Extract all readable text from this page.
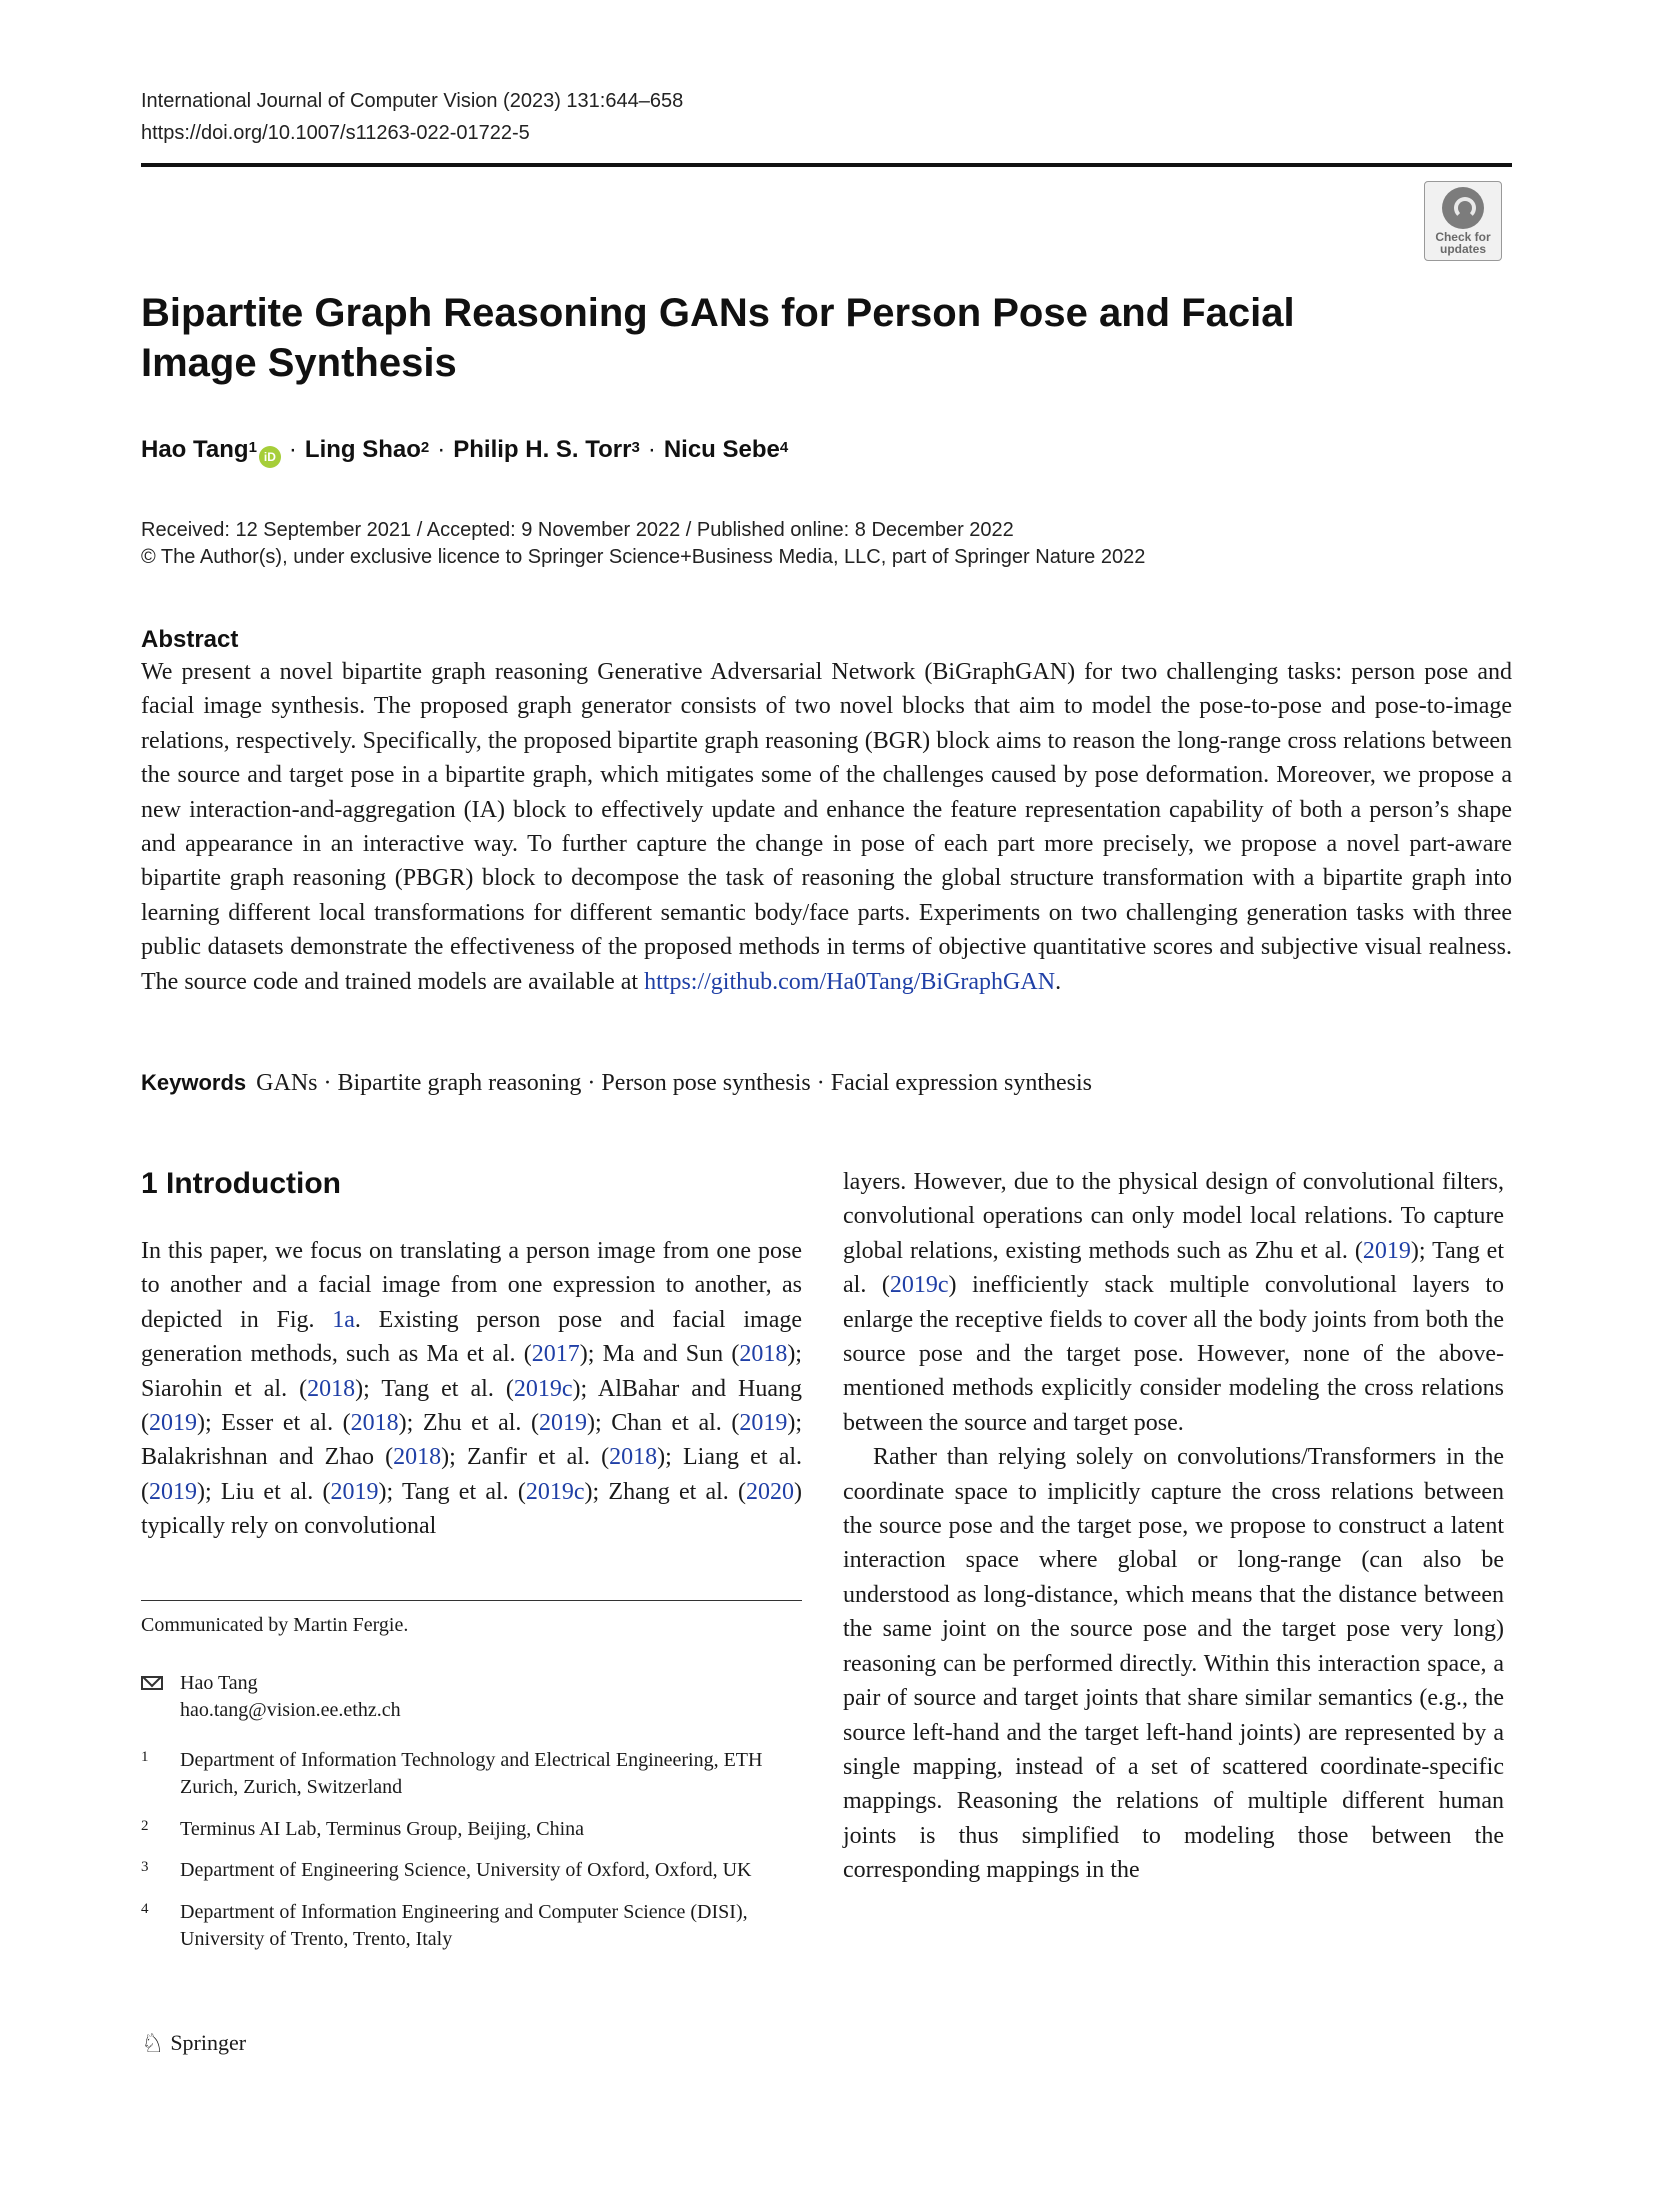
International Journal of Computer Vision (2023) 131:644–658
https://doi.org/10.1007/s11263-022-01722-5
Check for
updates
Bipartite Graph Reasoning GANs for Person Pose and Facial Image Synthesis
Hao Tang$^1$iD · Ling Shao$^2$ · Philip H. S. Torr$^3$ · Nicu Sebe$^4$
Received: 12 September 2021 / Accepted: 9 November 2022 / Published online: 8 December 2022
© The Author(s), under exclusive licence to Springer Science+Business Media, LLC, part of Springer Nature 2022
Abstract
We present a novel bipartite graph reasoning Generative Adversarial Network (BiGraphGAN) for two challenging tasks: person pose and facial image synthesis. The proposed graph generator consists of two novel blocks that aim to model the pose-to-pose and pose-to-image relations, respectively. Specifically, the proposed bipartite graph reasoning (BGR) block aims to reason the long-range cross relations between the source and target pose in a bipartite graph, which mitigates some of the challenges caused by pose deformation. Moreover, we propose a new interaction-and-aggregation (IA) block to effectively update and enhance the feature representation capability of both a person’s shape and appearance in an interactive way. To further capture the change in pose of each part more precisely, we propose a novel part-aware bipartite graph reasoning (PBGR) block to decompose the task of reasoning the global structure transformation with a bipartite graph into learning different local transformations for different semantic body/face parts. Experiments on two challenging generation tasks with three public datasets demonstrate the effectiveness of the proposed methods in terms of objective quantitative scores and subjective visual realness. The source code and trained models are available at https://github.com/Ha0Tang/BiGraphGAN.
Keywords GANs · Bipartite graph reasoning · Person pose synthesis · Facial expression synthesis
1 Introduction

In this paper, we focus on translating a person image from one pose to another and a facial image from one expression to another, as depicted in Fig. 1a. Existing person pose and facial image generation methods, such as Ma et al. (2017); Ma and Sun (2018); Siarohin et al. (2018); Tang et al. (2019c); AlBahar and Huang (2019); Esser et al. (2018); Zhu et al. (2019); Chan et al. (2019); Balakrishnan and Zhao (2018); Zanfir et al. (2018); Liang et al. (2019); Liu et al. (2019); Tang et al. (2019c); Zhang et al. (2020) typically rely on convolutional

layers. However, due to the physical design of convolutional filters, convolutional operations can only model local relations. To capture global relations, existing methods such as Zhu et al. (2019); Tang et al. (2019c) inefficiently stack multiple convolutional layers to enlarge the receptive fields to cover all the body joints from both the source pose and the target pose. However, none of the above-mentioned methods explicitly consider modeling the cross relations between the source and target pose.

Rather than relying solely on convolutions/Transformers in the coordinate space to implicitly capture the cross relations between the source pose and the target pose, we propose to construct a latent interaction space where global or long-range (can also be understood as long-distance, which means that the distance between the same joint on the source pose and the target pose very long) reasoning can be performed directly. Within this interaction space, a pair of source and target joints that share similar semantics (e.g., the source left-hand and the target left-hand joints) are represented by a single mapping, instead of a set of scattered coordinate-specific mappings. Reasoning the relations of multiple different human joints is thus simplified to modeling those between the corresponding mappings in the

Communicated by Martin Fergie.
Hao Tang
hao.tang@vision.ee.ethz.ch
1	Department of Information Technology and Electrical Engineering, ETH Zurich, Zurich, Switzerland
2	Terminus AI Lab, Terminus Group, Beijing, China
3	Department of Engineering Science, University of Oxford, Oxford, UK
4	Department of Information Engineering and Computer Science (DISI), University of Trento, Trento, Italy
♘ Springer
